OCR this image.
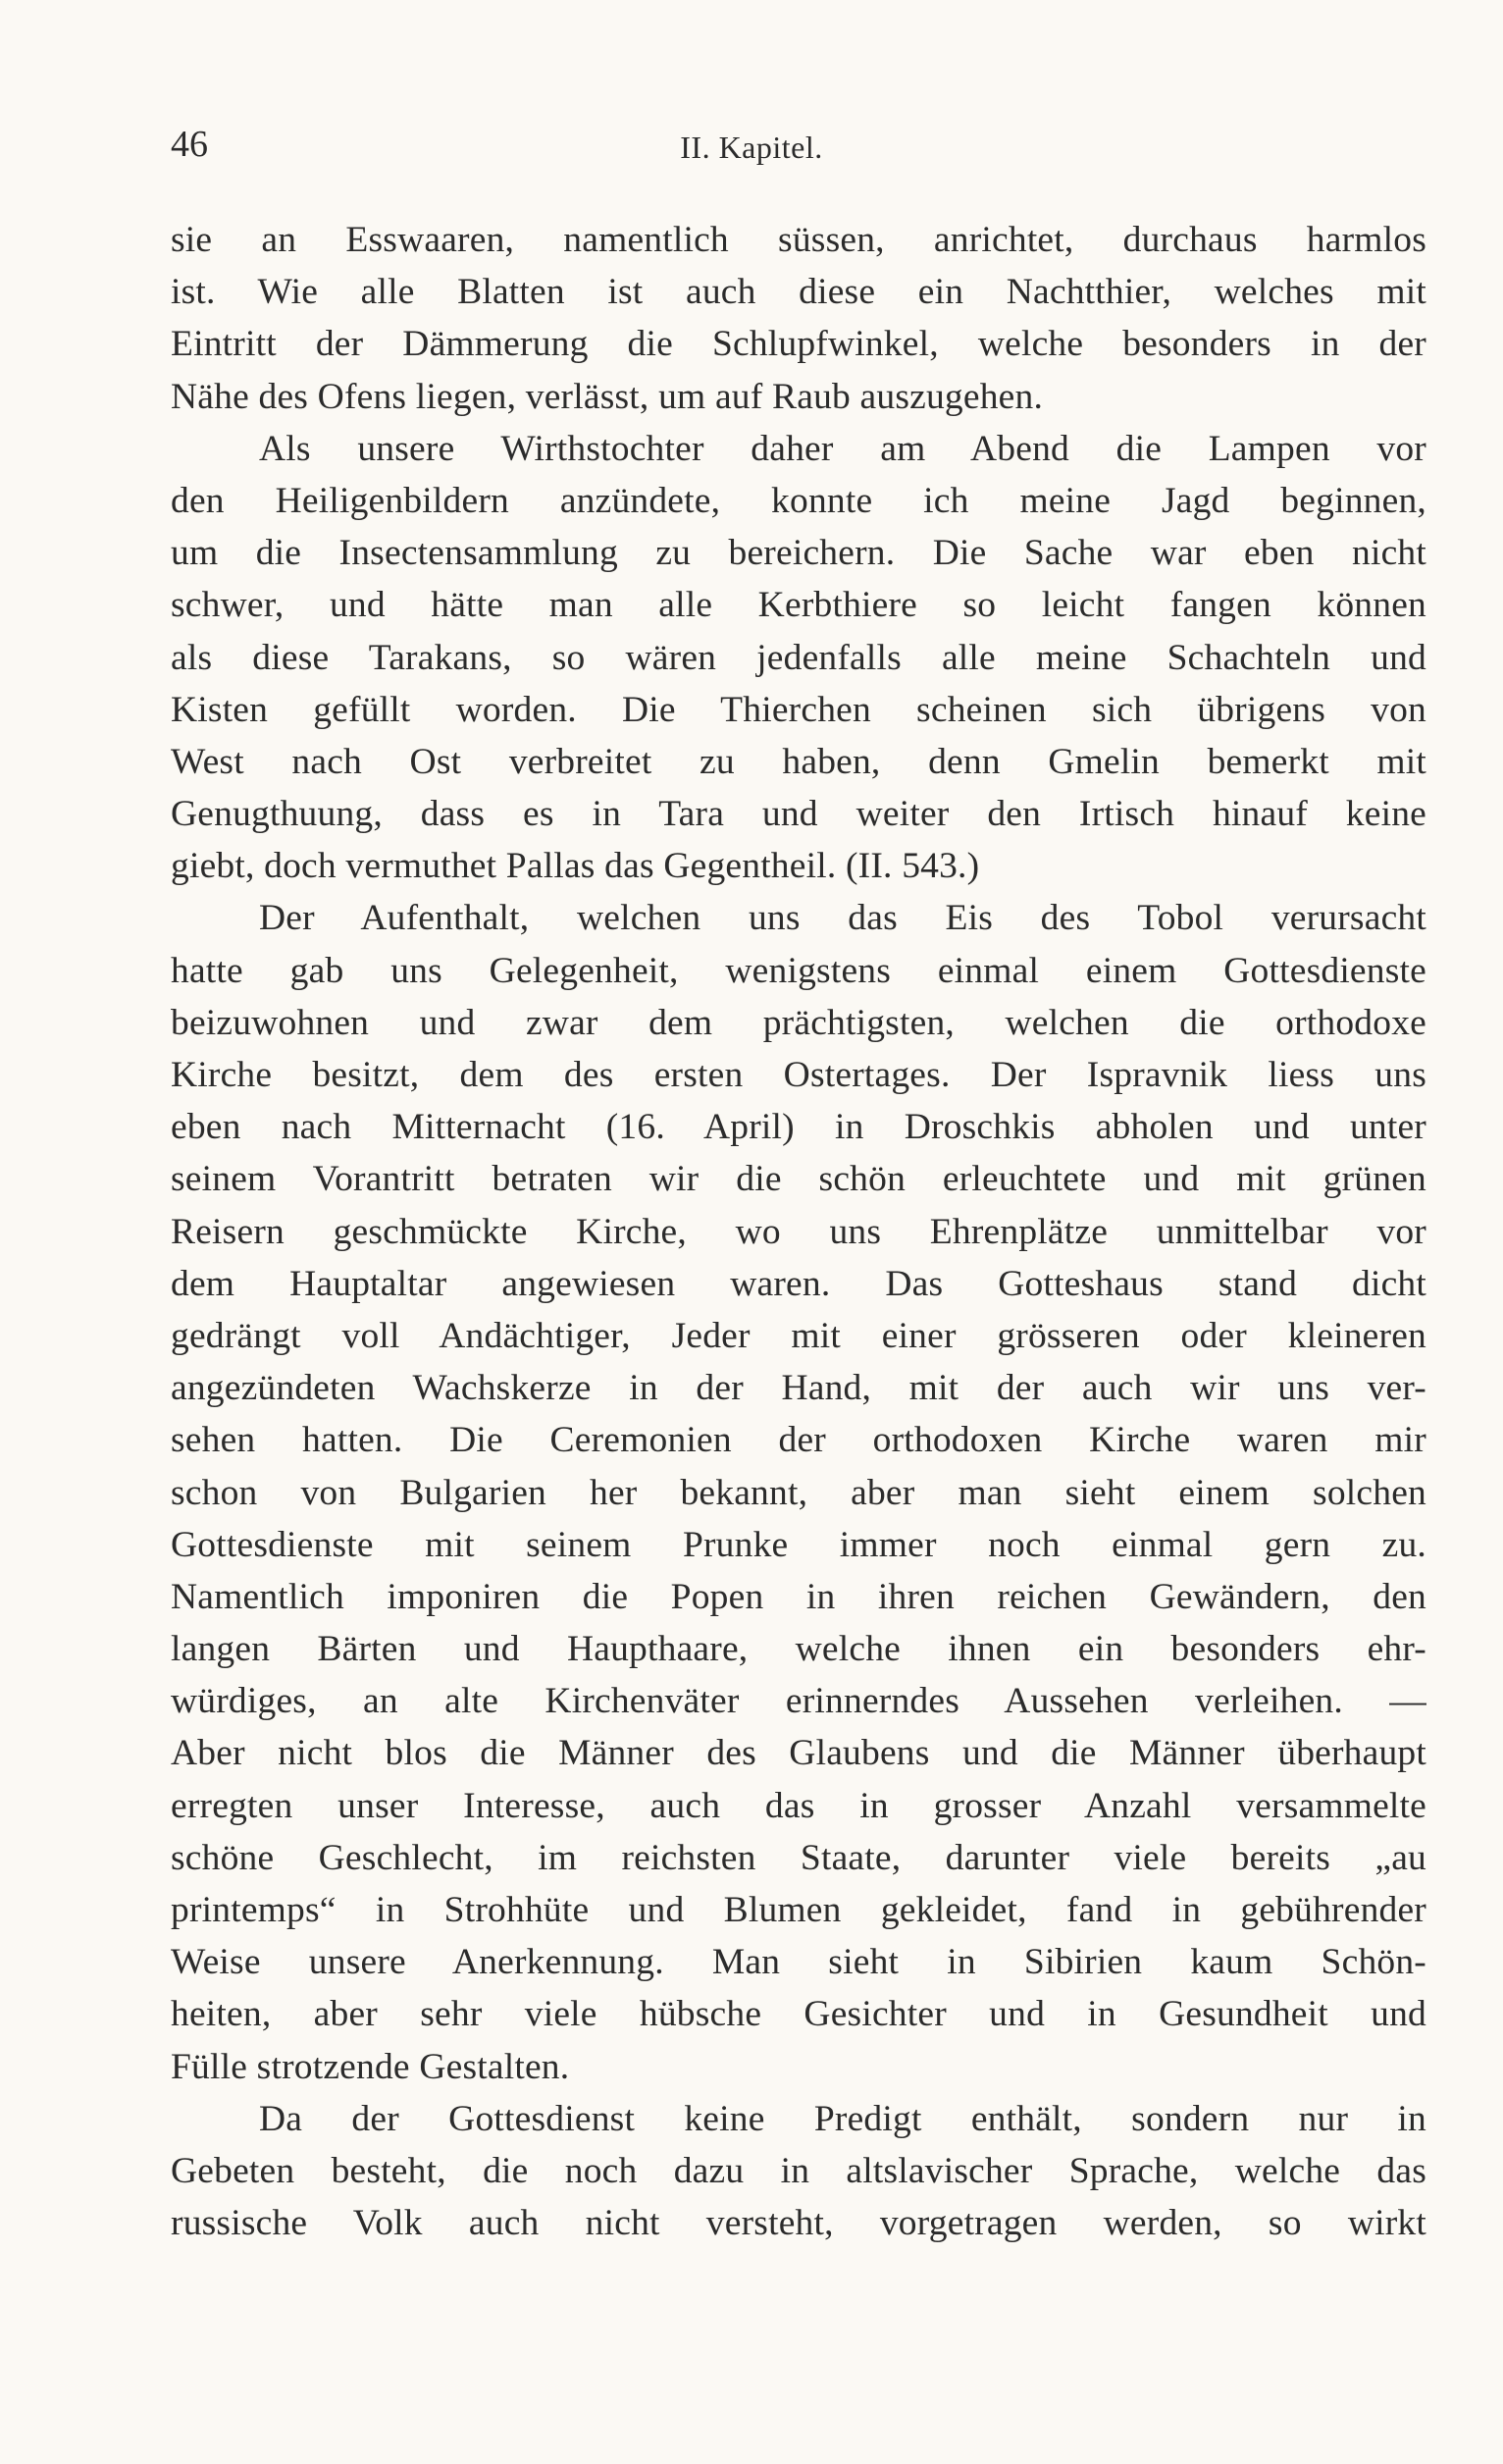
46	II. Kapitel.
sie an Esswaaren, namentlich süssen, anrichtet, durchaus harmlos
ist. Wie alle Blatten ist auch diese ein Nachtthier, welches mit
Eintritt der Dämmerung die Schlupfwinkel, welche besonders in der
Nähe des Ofens liegen, verlässt, um auf Raub auszugehen.
Als unsere Wirthstochter daher am Abend die Lampen vor
den Heiligenbildern anzündete, konnte ich meine Jagd beginnen,
um die Insectensammlung zu bereichern. Die Sache war eben nicht
schwer, und hätte man alle Kerbthiere so leicht fangen können
als diese Tarakans, so wären jedenfalls alle meine Schachteln und
Kisten gefüllt worden. Die Thierchen scheinen sich übrigens von
West nach Ost verbreitet zu haben, denn Gmelin bemerkt mit
Genugthuung, dass es in Tara und weiter den Irtisch hinauf keine
giebt, doch vermuthet Pallas das Gegentheil. (II. 543.)
Der Aufenthalt, welchen uns das Eis des Tobol verursacht
hatte gab uns Gelegenheit, wenigstens einmal einem Gottesdienste
beizuwohnen und zwar dem prächtigsten, welchen die orthodoxe
Kirche besitzt, dem des ersten Ostertages. Der Ispravnik liess uns
eben nach Mitternacht (16. April) in Droschkis abholen und unter
seinem Vorantritt betraten wir die schön erleuchtete und mit grünen
Reisern geschmückte Kirche, wo uns Ehrenplätze unmittelbar vor
dem Hauptaltar angewiesen waren. Das Gotteshaus stand dicht
gedrängt voll Andächtiger, Jeder mit einer grösseren oder kleineren
angezündeten Wachskerze in der Hand, mit der auch wir uns ver-
sehen hatten. Die Ceremonien der orthodoxen Kirche waren mir
schon von Bulgarien her bekannt, aber man sieht einem solchen
Gottesdienste mit seinem Prunke immer noch einmal gern zu.
Namentlich imponiren die Popen in ihren reichen Gewändern, den
langen Bärten und Haupthaare, welche ihnen ein besonders ehr-
würdiges, an alte Kirchenväter erinnerndes Aussehen verleihen. —
Aber nicht blos die Männer des Glaubens und die Männer überhaupt
erregten unser Interesse, auch das in grosser Anzahl versammelte
schöne Geschlecht, im reichsten Staate, darunter viele bereits „au
printemps“ in Strohhüte und Blumen gekleidet, fand in gebührender
Weise unsere Anerkennung. Man sieht in Sibirien kaum Schön-
heiten, aber sehr viele hübsche Gesichter und in Gesundheit und
Fülle strotzende Gestalten.
Da der Gottesdienst keine Predigt enthält, sondern nur in
Gebeten besteht, die noch dazu in altslavischer Sprache, welche das
russische Volk auch nicht versteht, vorgetragen werden, so wirkt
